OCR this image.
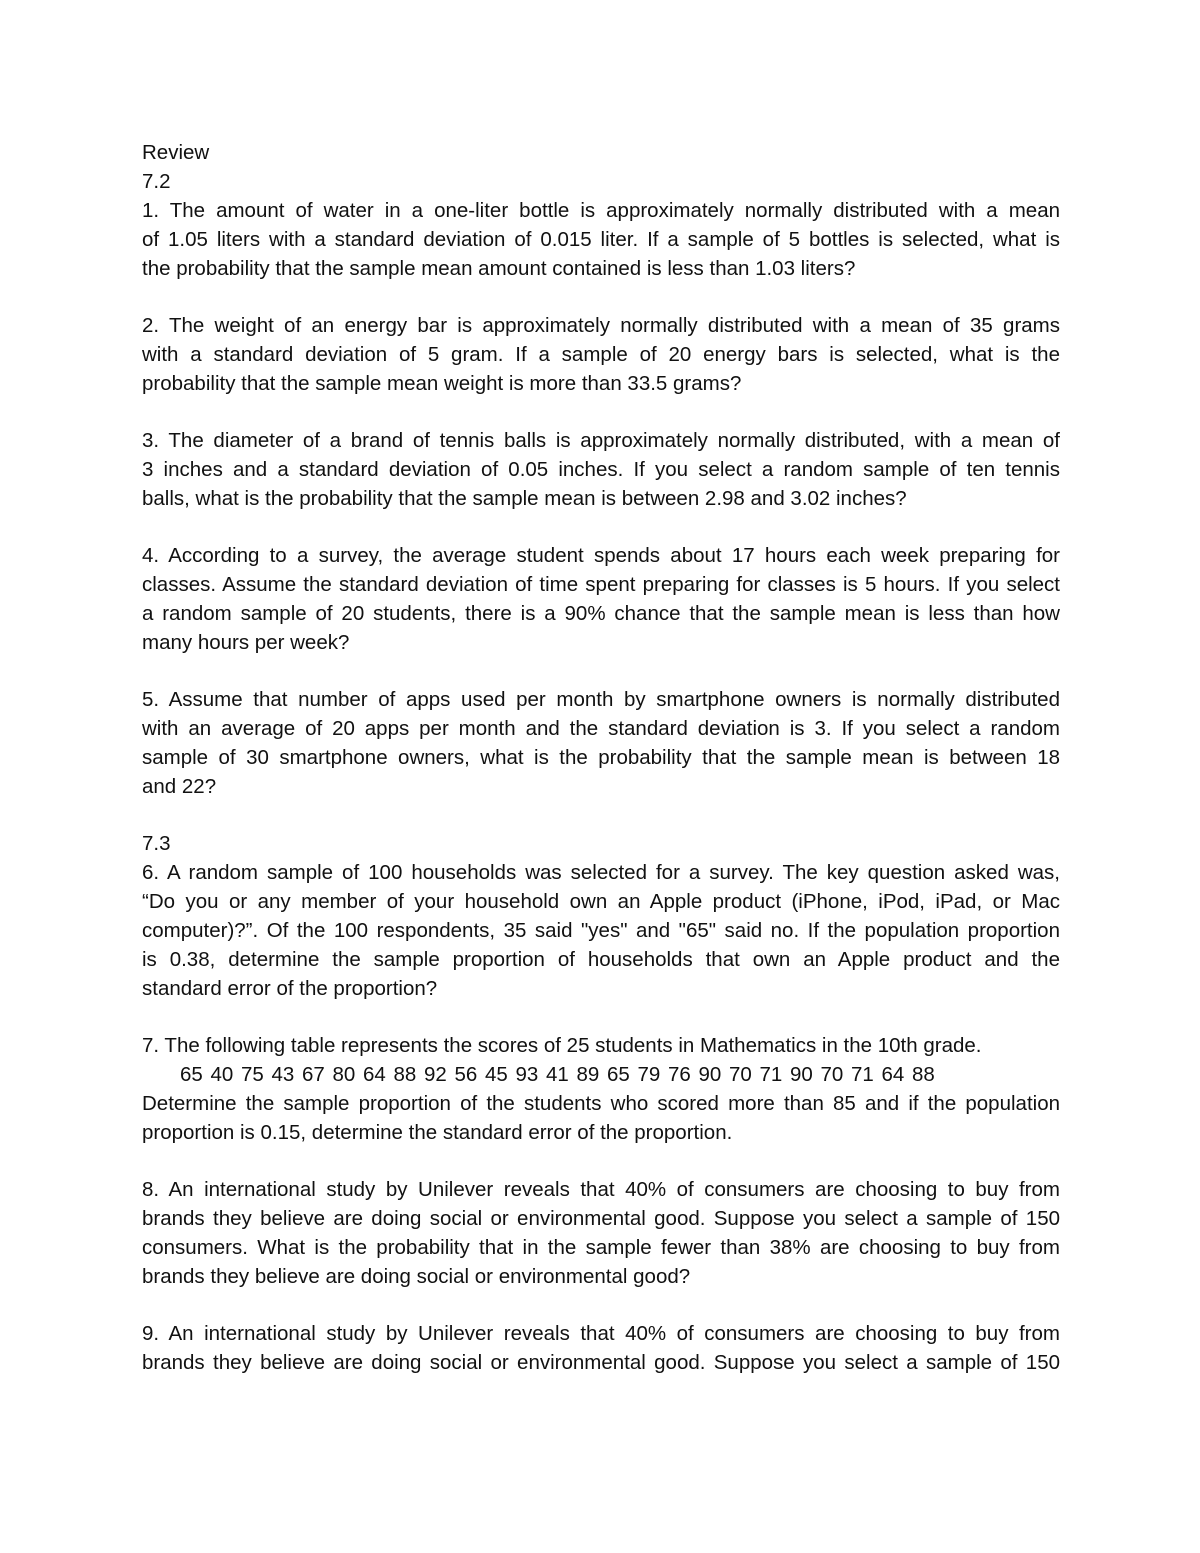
Review
7.2
1. The amount of water in a one-liter bottle is approximately normally distributed with a mean
of 1.05 liters with a standard deviation of 0.015 liter. If a sample of 5 bottles is selected, what is
the probability that the sample mean amount contained is less than 1.03 liters?
2. The weight of an energy bar is approximately normally distributed with a mean of 35 grams
with a standard deviation of 5 gram. If a sample of 20 energy bars is selected, what is the
probability that the sample mean weight is more than 33.5 grams?
3. The diameter of a brand of tennis balls is approximately normally distributed, with a mean of
3 inches and a standard deviation of 0.05 inches. If you select a random sample of ten tennis
balls, what is the probability that the sample mean is between 2.98 and 3.02 inches?
4. According to a survey, the average student spends about 17 hours each week preparing for
classes. Assume the standard deviation of time spent preparing for classes is 5 hours. If you select
a random sample of 20 students, there is a 90% chance that the sample mean is less than how
many hours per week?
5. Assume that number of apps used per month by smartphone owners is normally distributed
with an average of 20 apps per month and the standard deviation is 3. If you select a random
sample of 30 smartphone owners, what is the probability that the sample mean is between 18
and 22?
7.3
6. A random sample of 100 households was selected for a survey. The key question asked was,
“Do you or any member of your household own an Apple product (iPhone, iPod, iPad, or Mac
computer)?”. Of the 100 respondents, 35 said "yes" and "65" said no. If the population proportion
is 0.38, determine the sample proportion of households that own an Apple product and the
standard error of the proportion?
7. The following table represents the scores of 25 students in Mathematics in the 10th grade.
65 40 75 43 67 80 64 88 92 56 45 93 41 89 65 79 76 90 70 71 90 70 71 64 88
Determine the sample proportion of the students who scored more than 85 and if the population
proportion is 0.15, determine the standard error of the proportion.
8. An international study by Unilever reveals that 40% of consumers are choosing to buy from
brands they believe are doing social or environmental good. Suppose you select a sample of 150
consumers. What is the probability that in the sample fewer than 38% are choosing to buy from
brands they believe are doing social or environmental good?
9. An international study by Unilever reveals that 40% of consumers are choosing to buy from
brands they believe are doing social or environmental good. Suppose you select a sample of 150
